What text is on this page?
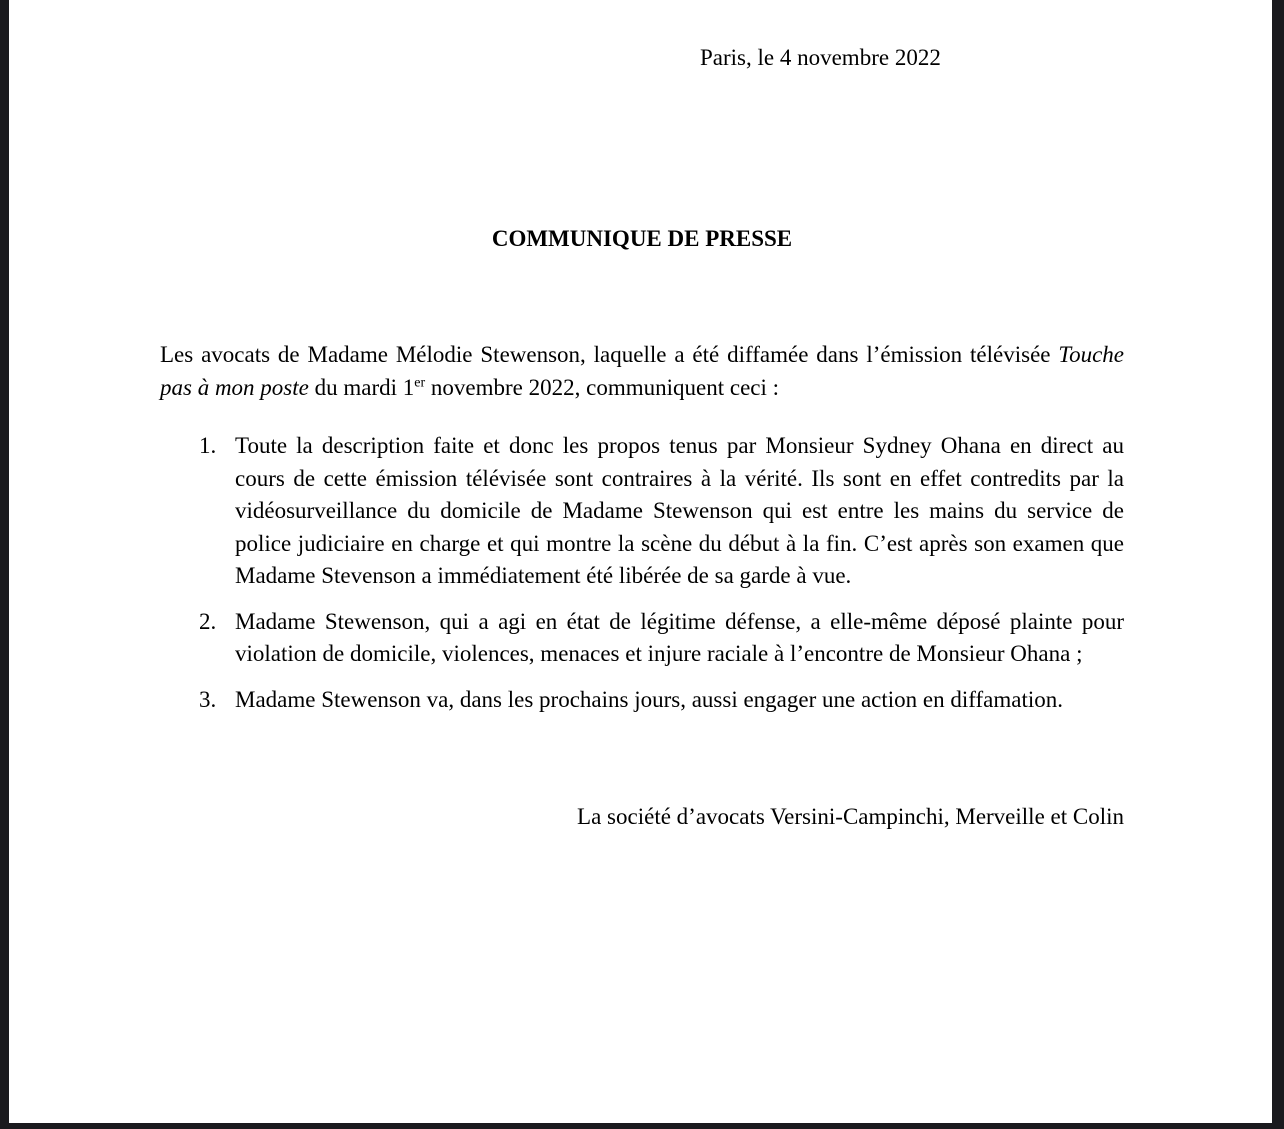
Paris, le 4 novembre 2022
COMMUNIQUE DE PRESSE

Les avocats de Madame Mélodie Stewenson, laquelle a été diffamée dans l’émission télévisée Touche pas à mon poste du mardi 1er novembre 2022, communiquent ceci :

1. Toute la description faite et donc les propos tenus par Monsieur Sydney Ohana en direct au cours de cette émission télévisée sont contraires à la vérité. Ils sont en effet contredits par la vidéosurveillance du domicile de Madame Stewenson qui est entre les mains du service de police judiciaire en charge et qui montre la scène du début à la fin. C’est après son examen que Madame Stevenson a immédiatement été libérée de sa garde à vue.

2. Madame Stewenson, qui a agi en état de légitime défense, a elle-même déposé plainte pour violation de domicile, violences, menaces et injure raciale à l’encontre de Monsieur Ohana ;

3. Madame Stewenson va, dans les prochains jours, aussi engager une action en diffamation.

La société d’avocats Versini-Campinchi, Merveille et Colin
